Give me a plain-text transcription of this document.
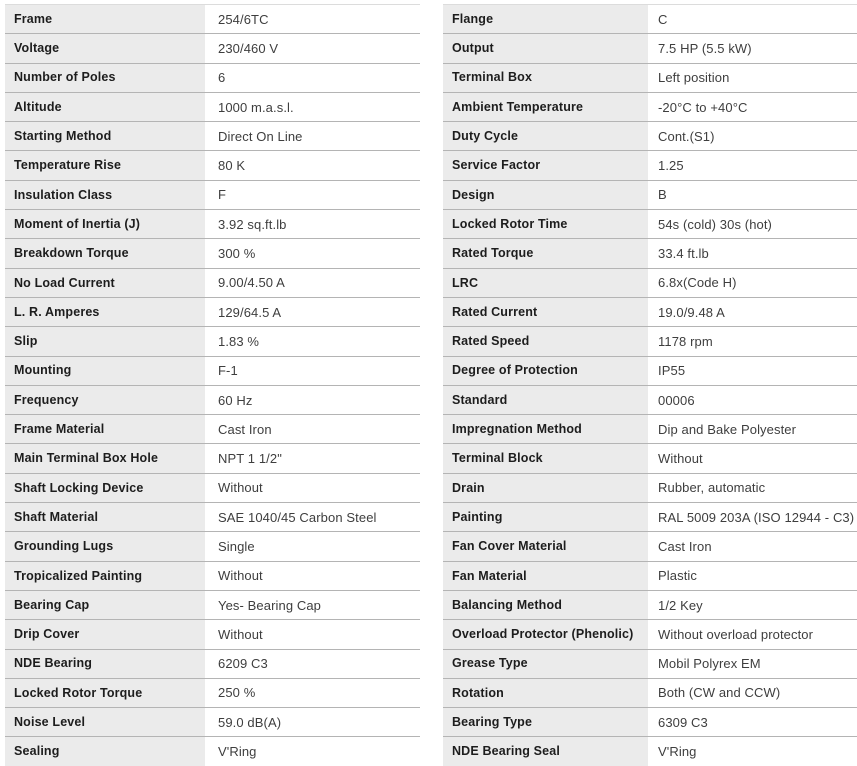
Frame	254/6TC
Voltage	230/460 V
Number of Poles	6
Altitude	1000 m.a.s.l.
Starting Method	Direct On Line
Temperature Rise	80 K
Insulation Class	F
Moment of Inertia (J)	3.92 sq.ft.lb
Breakdown Torque	300 %
No Load Current	9.00/4.50 A
L. R. Amperes	129/64.5 A
Slip	1.83 %
Mounting	F-1
Frequency	60 Hz
Frame Material	Cast Iron
Main Terminal Box Hole	NPT 1 1/2"
Shaft Locking Device	Without
Shaft Material	SAE 1040/45 Carbon Steel
Grounding Lugs	Single
Tropicalized Painting	Without
Bearing Cap	Yes- Bearing Cap
Drip Cover	Without
NDE Bearing	6209 C3
Locked Rotor Torque	250 %
Noise Level	59.0 dB(A)
Sealing	V'Ring
Flange	C
Output	7.5 HP (5.5 kW)
Terminal Box	Left position
Ambient Temperature	-20°C to +40°C
Duty Cycle	Cont.(S1)
Service Factor	1.25
Design	B
Locked Rotor Time	54s (cold) 30s (hot)
Rated Torque	33.4 ft.lb
LRC	6.8x(Code H)
Rated Current	19.0/9.48 A
Rated Speed	1178 rpm
Degree of Protection	IP55
Standard	00006
Impregnation Method	Dip and Bake Polyester
Terminal Block	Without
Drain	Rubber, automatic
Painting	RAL 5009 203A (ISO 12944 - C3)
Fan Cover Material	Cast Iron
Fan Material	Plastic
Balancing Method	1/2 Key
Overload Protector (Phenolic)	Without overload protector
Grease Type	Mobil Polyrex EM
Rotation	Both (CW and CCW)
Bearing Type	6309 C3
NDE Bearing Seal	V'Ring
